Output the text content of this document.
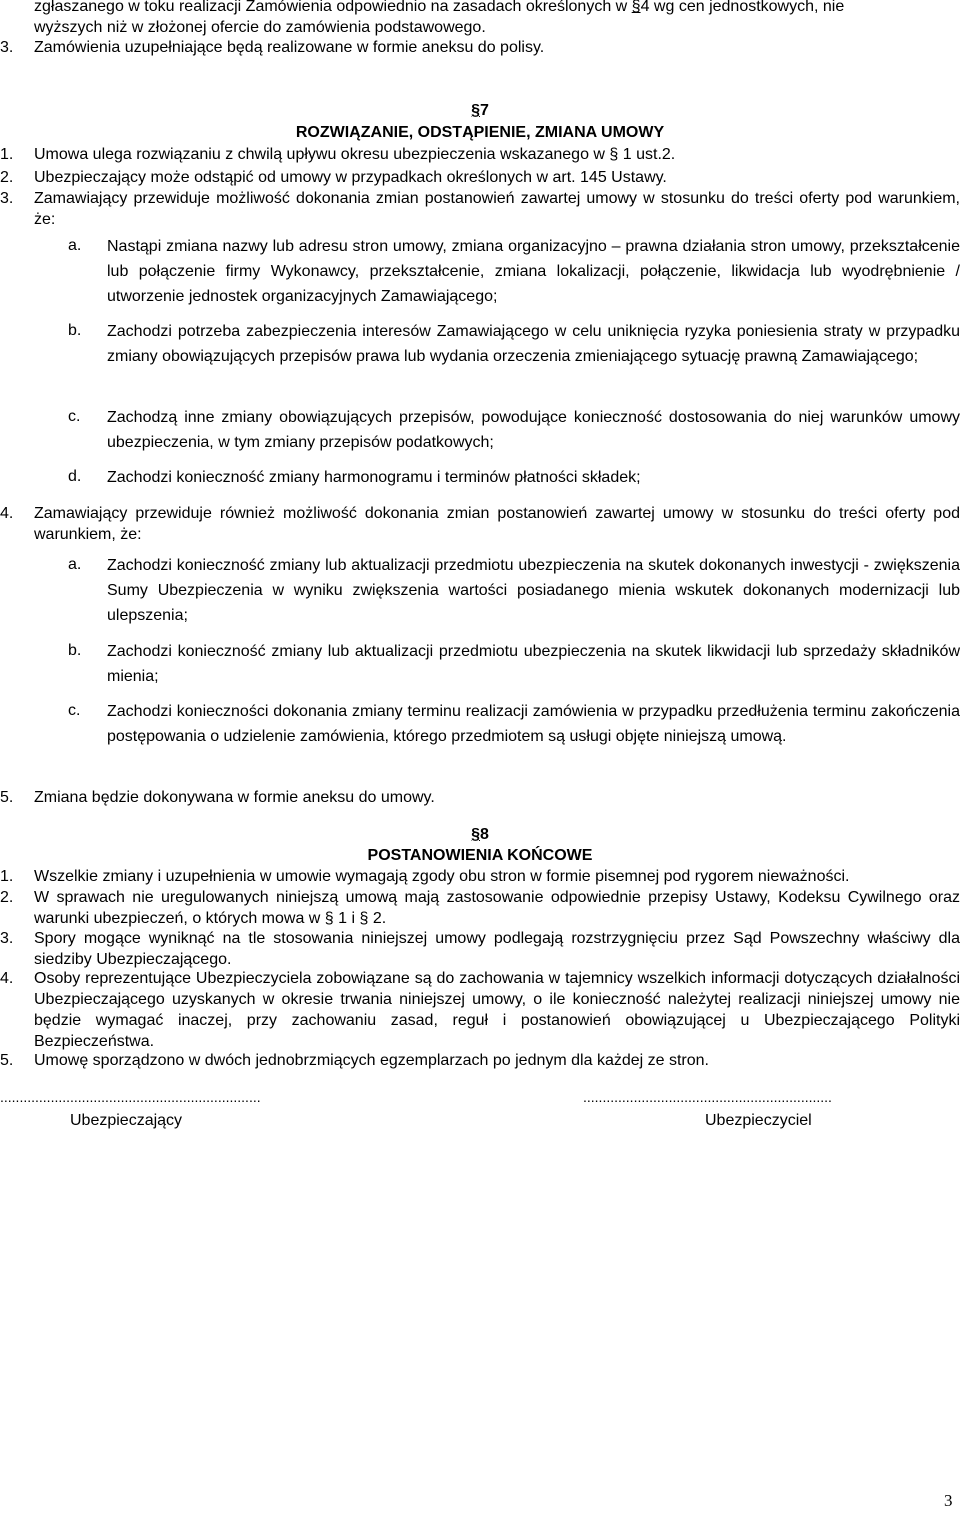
zgłaszanego w toku realizacji Zamówienia odpowiednio na zasadach określonych w §4 wg cen jednostkowych, nie
wyższych niż w złożonej ofercie do zamówienia podstawowego.
3. Zamówienia uzupełniające będą realizowane w formie aneksu do polisy.
§7
ROZWIĄZANIE, ODSTĄPIENIE, ZMIANA UMOWY
1. Umowa ulega rozwiązaniu z chwilą upływu okresu ubezpieczenia wskazanego w § 1 ust.2.
2. Ubezpieczający może odstąpić od umowy w przypadkach określonych w art. 145 Ustawy.
3. Zamawiający przewiduje możliwość dokonania zmian postanowień zawartej umowy w stosunku do treści oferty pod warunkiem, że:
a. Nastąpi zmiana nazwy lub adresu stron umowy, zmiana organizacyjno – prawna działania stron umowy, przekształcenie lub połączenie firmy Wykonawcy, przekształcenie, zmiana lokalizacji, połączenie, likwidacja lub wyodrębnienie / utworzenie jednostek organizacyjnych Zamawiającego;
b. Zachodzi potrzeba zabezpieczenia interesów Zamawiającego w celu uniknięcia ryzyka poniesienia straty w przypadku zmiany obowiązujących przepisów prawa lub wydania orzeczenia zmieniającego sytuację prawną Zamawiającego;
c. Zachodzą inne zmiany obowiązujących przepisów, powodujące konieczność dostosowania do niej warunków umowy ubezpieczenia, w tym zmiany przepisów podatkowych;
d. Zachodzi konieczność zmiany harmonogramu i terminów płatności składek;
4. Zamawiający przewiduje również możliwość dokonania zmian postanowień zawartej umowy w stosunku do treści oferty pod warunkiem, że:
a. Zachodzi konieczność zmiany lub aktualizacji przedmiotu ubezpieczenia na skutek dokonanych inwestycji - zwiększenia Sumy Ubezpieczenia w wyniku zwiększenia wartości posiadanego mienia wskutek dokonanych modernizacji lub ulepszenia;
b. Zachodzi konieczność zmiany lub aktualizacji przedmiotu ubezpieczenia na skutek likwidacji lub sprzedaży składników mienia;
c. Zachodzi konieczności dokonania zmiany terminu realizacji zamówienia w przypadku przedłużenia terminu zakończenia postępowania o udzielenie zamówienia, którego przedmiotem są usługi objęte niniejszą umową.
5. Zmiana będzie dokonywana w formie aneksu do umowy.
§8
POSTANOWIENIA KOŃCOWE
1. Wszelkie zmiany i uzupełnienia w umowie wymagają zgody obu stron w formie pisemnej pod rygorem nieważności.
2. W sprawach nie uregulowanych niniejszą umową mają zastosowanie odpowiednie przepisy Ustawy, Kodeksu Cywilnego oraz warunki ubezpieczeń, o których mowa w § 1 i § 2.
3. Spory mogące wyniknąć na tle stosowania niniejszej umowy podlegają rozstrzygnięciu przez Sąd Powszechny właściwy dla siedziby Ubezpieczającego.
4. Osoby reprezentujące Ubezpieczyciela zobowiązane są do zachowania w tajemnicy wszelkich informacji dotyczących działalności Ubezpieczającego uzyskanych w okresie trwania niniejszej umowy, o ile konieczność należytej realizacji niniejszej umowy nie będzie wymagać inaczej, przy zachowaniu zasad, reguł i postanowień obowiązującej u Ubezpieczającego Polityki Bezpieczeństwa.
5. Umowę sporządzono w dwóch jednobrzmiących egzemplarzach po jednym dla każdej ze stron.
...................................................................
Ubezpieczający
................................................................
Ubezpieczyciel
3
